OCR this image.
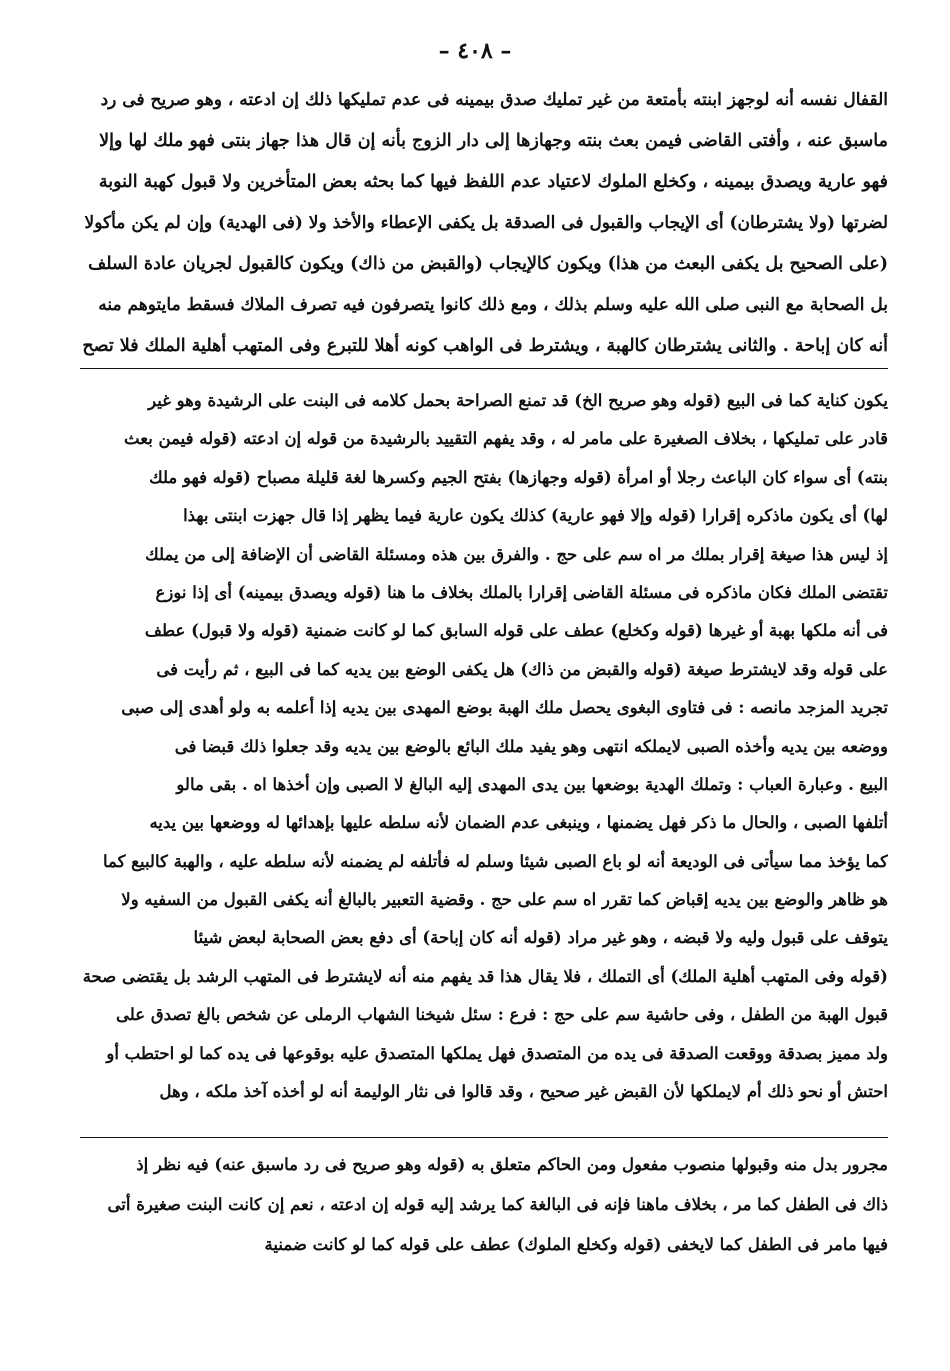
– ٤٠٨ –
القفال نفسه أنه لوجهز ابنته بأمتعة من غير تمليك صدق بيمينه فى عدم تمليكها ذلك إن ادعته ، وهو صريح فى رد
ماسبق عنه ، وأفتى القاضى فيمن بعث بنته وجهازها إلى دار الزوج بأنه إن قال هذا جهاز بنتى فهو ملك لها وإلا
فهو عارية ويصدق بيمينه ، وكخلع الملوك لاعتياد عدم اللفظ فيها كما بحثه بعض المتأخرين ولا قبول كهبة النوبة
لضرتها (ولا يشترطان) أى الإيجاب والقبول فى الصدقة بل يكفى الإعطاء والأخذ ولا (فى الهدية) وإن لم يكن مأكولا
(على الصحيح بل يكفى البعث من هذا) ويكون كالإيجاب (والقبض من ذاك) ويكون كالقبول لجريان عادة السلف
بل الصحابة مع النبى صلى الله عليه وسلم بذلك ، ومع ذلك كانوا يتصرفون فيه تصرف الملاك فسقط مايتوهم منه
أنه كان إباحة . والثانى يشترطان كالهبة ، ويشترط فى الواهب كونه أهلا للتبرع وفى المتهب أهلية الملك فلا تصح
يكون كناية كما فى البيع (قوله وهو صريح الخ) قد تمنع الصراحة بحمل كلامه فى البنت على الرشيدة وهو غير
قادر على تمليكها ، بخلاف الصغيرة على مامر له ، وقد يفهم التقييد بالرشيدة من قوله إن ادعته (قوله فيمن بعث
بنته) أى سواء كان الباعث رجلا أو امرأة (قوله وجهازها) بفتح الجيم وكسرها لغة قليلة مصباح (قوله فهو ملك
لها) أى يكون ماذكره إقرارا (قوله وإلا فهو عارية) كذلك يكون عارية فيما يظهر إذا قال جهزت ابنتى بهذا
إذ ليس هذا صيغة إقرار بملك مر اه سم على حج . والفرق بين هذه ومسئلة القاضى أن الإضافة إلى من يملك
تقتضى الملك فكان ماذكره فى مسئلة القاضى إقرارا بالملك بخلاف ما هنا (قوله ويصدق بيمينه) أى إذا نوزع
فى أنه ملكها بهبة أو غيرها (قوله وكخلع) عطف على قوله السابق كما لو كانت ضمنية (قوله ولا قبول) عطف
على قوله وقد لايشترط صيغة (قوله والقبض من ذاك) هل يكفى الوضع بين يديه كما فى البيع ، ثم رأيت فى
تجريد المزجد مانصه : فى فتاوى البغوى يحصل ملك الهبة بوضع المهدى بين يديه إذا أعلمه به ولو أهدى إلى صبى
ووضعه بين يديه وأخذه الصبى لايملكه انتهى وهو يفيد ملك البائع بالوضع بين يديه وقد جعلوا ذلك قبضا فى
البيع . وعبارة العباب : وتملك الهدية بوضعها بين يدى المهدى إليه البالغ لا الصبى وإن أخذها اه . بقى مالو
أتلفها الصبى ، والحال ما ذكر فهل يضمنها ، وينبغى عدم الضمان لأنه سلطه عليها بإهدائها له ووضعها بين يديه
كما يؤخذ مما سيأتى فى الوديعة أنه لو باع الصبى شيئا وسلم له فأتلفه لم يضمنه لأنه سلطه عليه ، والهبة كالبيع كما
هو ظاهر والوضع بين يديه إقباض كما تقرر اه سم على حج . وقضية التعبير بالبالغ أنه يكفى القبول من السفيه ولا
يتوقف على قبول وليه ولا قبضه ، وهو غير مراد (قوله أنه كان إباحة) أى دفع بعض الصحابة لبعض شيئا
(قوله وفى المتهب أهلية الملك) أى التملك ، فلا يقال هذا قد يفهم منه أنه لايشترط فى المتهب الرشد بل يقتضى صحة
قبول الهبة من الطفل ، وفى حاشية سم على حج : فرع : سئل شيخنا الشهاب الرملى عن شخص بالغ تصدق على
ولد مميز بصدقة ووقعت الصدقة فى يده من المتصدق فهل يملكها المتصدق عليه بوقوعها فى يده كما لو احتطب أو
احتش أو نحو ذلك أم لايملكها لأن القبض غير صحيح ، وقد قالوا فى نثار الوليمة أنه لو أخذه آخذ ملكه ، وهل
مجرور بدل منه وقبولها منصوب مفعول ومن الحاكم متعلق به (قوله وهو صريح فى رد ماسبق عنه) فيه نظر إذ
ذاك فى الطفل كما مر ، بخلاف ماهنا فإنه فى البالغة كما يرشد إليه قوله إن ادعته ، نعم إن كانت البنت صغيرة أتى
فيها مامر فى الطفل كما لايخفى (قوله وكخلع الملوك) عطف على قوله كما لو كانت ضمنية
